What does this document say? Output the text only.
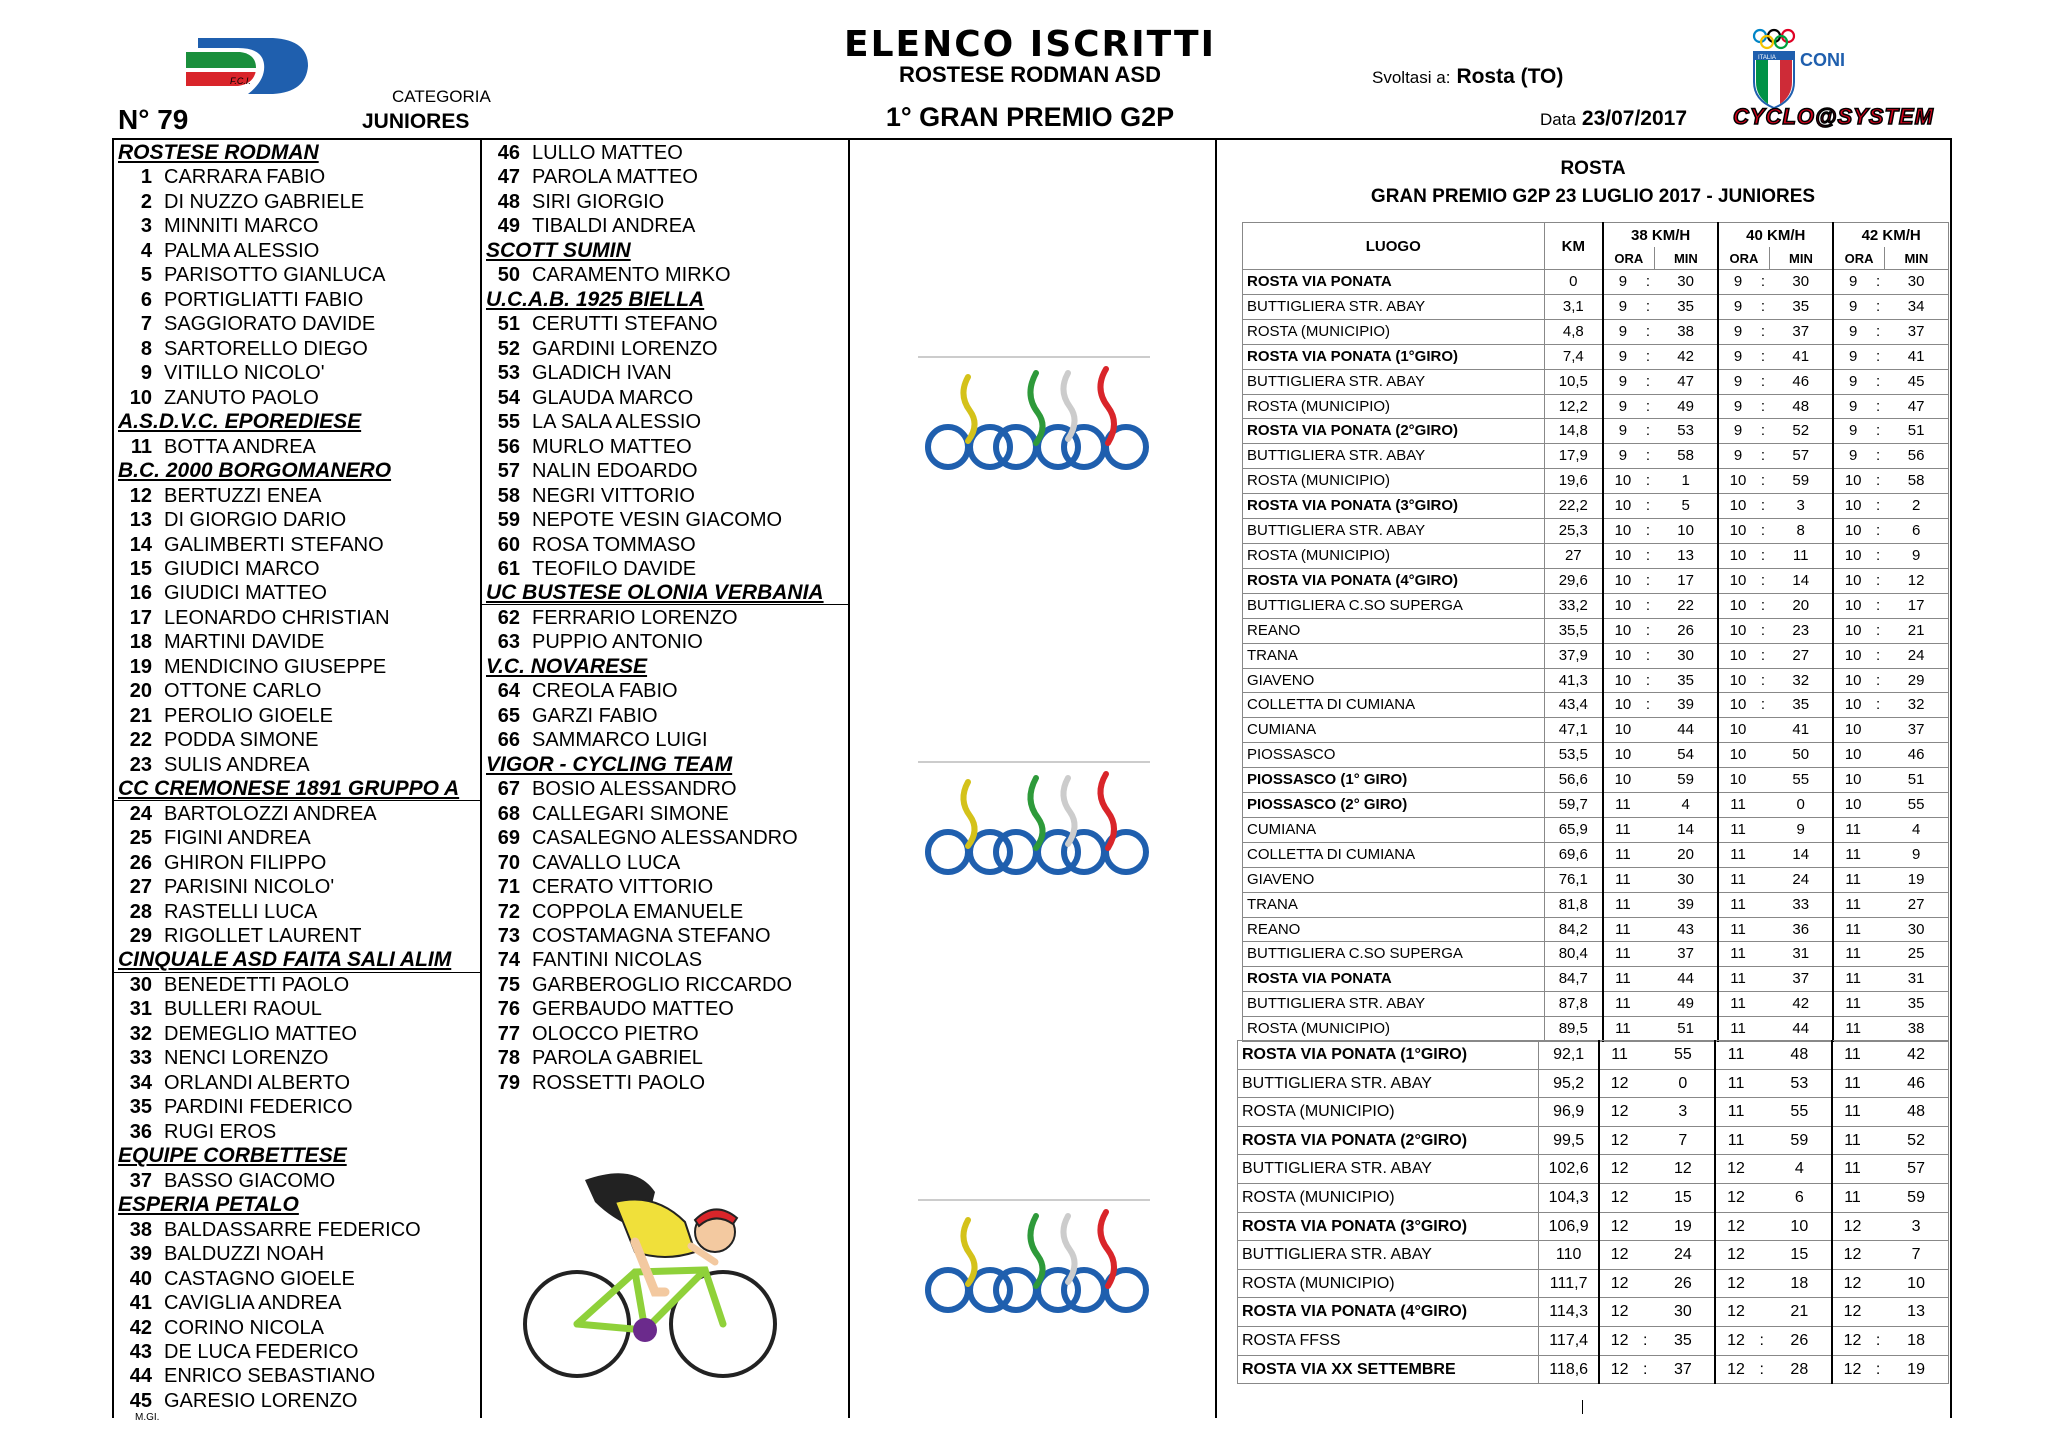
F.C.I.
ELENCO ISCRITTI
ROSTESE RODMAN ASD
1° GRAN PREMIO G2P
Svoltasi a: Rosta (TO)
Data 23/07/2017
CATEGORIA
JUNIORES
N° 79
ITALIA CONI
CYCLO@SYSTEM
ROSTESE RODMAN
1 CARRARA FABIO
2 DI NUZZO GABRIELE
3 MINNITI MARCO
4 PALMA ALESSIO
5 PARISOTTO GIANLUCA
6 PORTIGLIATTI FABIO
7 SAGGIORATO DAVIDE
8 SARTORELLO DIEGO
9 VITILLO NICOLO'
10 ZANUTO PAOLO
A.S.D.V.C. EPOREDIESE
11 BOTTA ANDREA
B.C. 2000 BORGOMANERO
12 BERTUZZI ENEA
13 DI GIORGIO DARIO
14 GALIMBERTI STEFANO
15 GIUDICI MARCO
16 GIUDICI MATTEO
17 LEONARDO CHRISTIAN
18 MARTINI DAVIDE
19 MENDICINO GIUSEPPE
20 OTTONE CARLO
21 PEROLIO GIOELE
22 PODDA SIMONE
23 SULIS ANDREA
CC CREMONESE 1891 GRUPPO A
24 BARTOLOZZI ANDREA
25 FIGINI ANDREA
26 GHIRON FILIPPO
27 PARISINI NICOLO'
28 RASTELLI LUCA
29 RIGOLLET LAURENT
CINQUALE ASD FAITA SALI ALIM
30 BENEDETTI PAOLO
31 BULLERI RAOUL
32 DEMEGLIO MATTEO
33 NENCI LORENZO
34 ORLANDI ALBERTO
35 PARDINI FEDERICO
36 RUGI EROS
EQUIPE CORBETTESE
37 BASSO GIACOMO
ESPERIA PETALO
38 BALDASSARRE FEDERICO
39 BALDUZZI NOAH
40 CASTAGNO GIOELE
41 CAVIGLIA ANDREA
42 CORINO NICOLA
43 DE LUCA FEDERICO
44 ENRICO SEBASTIANO
45 GARESIO LORENZO
46 LULLO MATTEO
47 PAROLA MATTEO
48 SIRI GIORGIO
49 TIBALDI ANDREA
SCOTT SUMIN
50 CARAMENTO MIRKO
U.C.A.B. 1925 BIELLA
51 CERUTTI STEFANO
52 GARDINI LORENZO
53 GLADICH IVAN
54 GLAUDA MARCO
55 LA SALA ALESSIO
56 MURLO MATTEO
57 NALIN EDOARDO
58 NEGRI VITTORIO
59 NEPOTE VESIN GIACOMO
60 ROSA TOMMASO
61 TEOFILO DAVIDE
UC BUSTESE OLONIA VERBANIA
62 FERRARIO LORENZO
63 PUPPIO ANTONIO
V.C. NOVARESE
64 CREOLA FABIO
65 GARZI FABIO
66 SAMMARCO LUIGI
VIGOR - CYCLING TEAM
67 BOSIO ALESSANDRO
68 CALLEGARI SIMONE
69 CASALEGNO ALESSANDRO
70 CAVALLO LUCA
71 CERATO VITTORIO
72 COPPOLA EMANUELE
73 COSTAMAGNA STEFANO
74 FANTINI NICOLAS
75 GARBEROGLIO RICCARDO
76 GERBAUDO MATTEO
77 OLOCCO PIETRO
78 PAROLA GABRIEL
79 ROSSETTI PAOLO
ROSTA
GRAN PREMIO G2P 23 LUGLIO 2017 - JUNIORES
LUOGO	KM	38 KM/H			40 KM/H			42 KM/H		
		ORA		MIN	ORA		MIN	ORA		MIN
ROSTA VIA PONATA	0	9	:	30	9	:	30	9	:	30
BUTTIGLIERA STR. ABAY	3,1	9	:	35	9	:	35	9	:	34
ROSTA (MUNICIPIO)	4,8	9	:	38	9	:	37	9	:	37
ROSTA VIA PONATA (1°GIRO)	7,4	9	:	42	9	:	41	9	:	41
BUTTIGLIERA STR. ABAY	10,5	9	:	47	9	:	46	9	:	45
ROSTA (MUNICIPIO)	12,2	9	:	49	9	:	48	9	:	47
ROSTA VIA PONATA (2°GIRO)	14,8	9	:	53	9	:	52	9	:	51
BUTTIGLIERA STR. ABAY	17,9	9	:	58	9	:	57	9	:	56
ROSTA (MUNICIPIO)	19,6	10	:	1	10	:	59	10	:	58
ROSTA VIA PONATA (3°GIRO)	22,2	10	:	5	10	:	3	10	:	2
BUTTIGLIERA STR. ABAY	25,3	10	:	10	10	:	8	10	:	6
ROSTA (MUNICIPIO)	27	10	:	13	10	:	11	10	:	9
ROSTA VIA PONATA (4°GIRO)	29,6	10	:	17	10	:	14	10	:	12
BUTTIGLIERA C.SO SUPERGA	33,2	10	:	22	10	:	20	10	:	17
REANO	35,5	10	:	26	10	:	23	10	:	21
TRANA	37,9	10	:	30	10	:	27	10	:	24
GIAVENO	41,3	10	:	35	10	:	32	10	:	29
COLLETTA DI CUMIANA	43,4	10	:	39	10	:	35	10	:	32
CUMIANA	47,1	10		44	10		41	10		37
PIOSSASCO	53,5	10		54	10		50	10		46
PIOSSASCO (1° GIRO)	56,6	10		59	10		55	10		51
PIOSSASCO (2° GIRO)	59,7	11		4	11		0	10		55
CUMIANA	65,9	11		14	11		9	11		4
COLLETTA DI CUMIANA	69,6	11		20	11		14	11		9
GIAVENO	76,1	11		30	11		24	11		19
TRANA	81,8	11		39	11		33	11		27
REANO	84,2	11		43	11		36	11		30
BUTTIGLIERA C.SO SUPERGA	80,4	11		37	11		31	11		25
ROSTA VIA PONATA	84,7	11		44	11		37	11		31
BUTTIGLIERA STR. ABAY	87,8	11		49	11		42	11		35
ROSTA (MUNICIPIO)	89,5	11		51	11		44	11		38
ROSTA VIA PONATA (1°GIRO)	92,1	11		55	11		48	11		42
BUTTIGLIERA STR. ABAY	95,2	12		0	11		53	11		46
ROSTA (MUNICIPIO)	96,9	12		3	11		55	11		48
ROSTA VIA PONATA (2°GIRO)	99,5	12		7	11		59	11		52
BUTTIGLIERA STR. ABAY	102,6	12		12	12		4	11		57
ROSTA (MUNICIPIO)	104,3	12		15	12		6	11		59
ROSTA VIA PONATA (3°GIRO)	106,9	12		19	12		10	12		3
BUTTIGLIERA STR. ABAY	110	12		24	12		15	12		7
ROSTA (MUNICIPIO)	111,7	12		26	12		18	12		10
ROSTA VIA PONATA (4°GIRO)	114,3	12		30	12		21	12		13
ROSTA FFSS	117,4	12	:	35	12	:	26	12	:	18
ROSTA VIA XX SETTEMBRE	118,6	12	:	37	12	:	28	12	:	19
M.GI.
